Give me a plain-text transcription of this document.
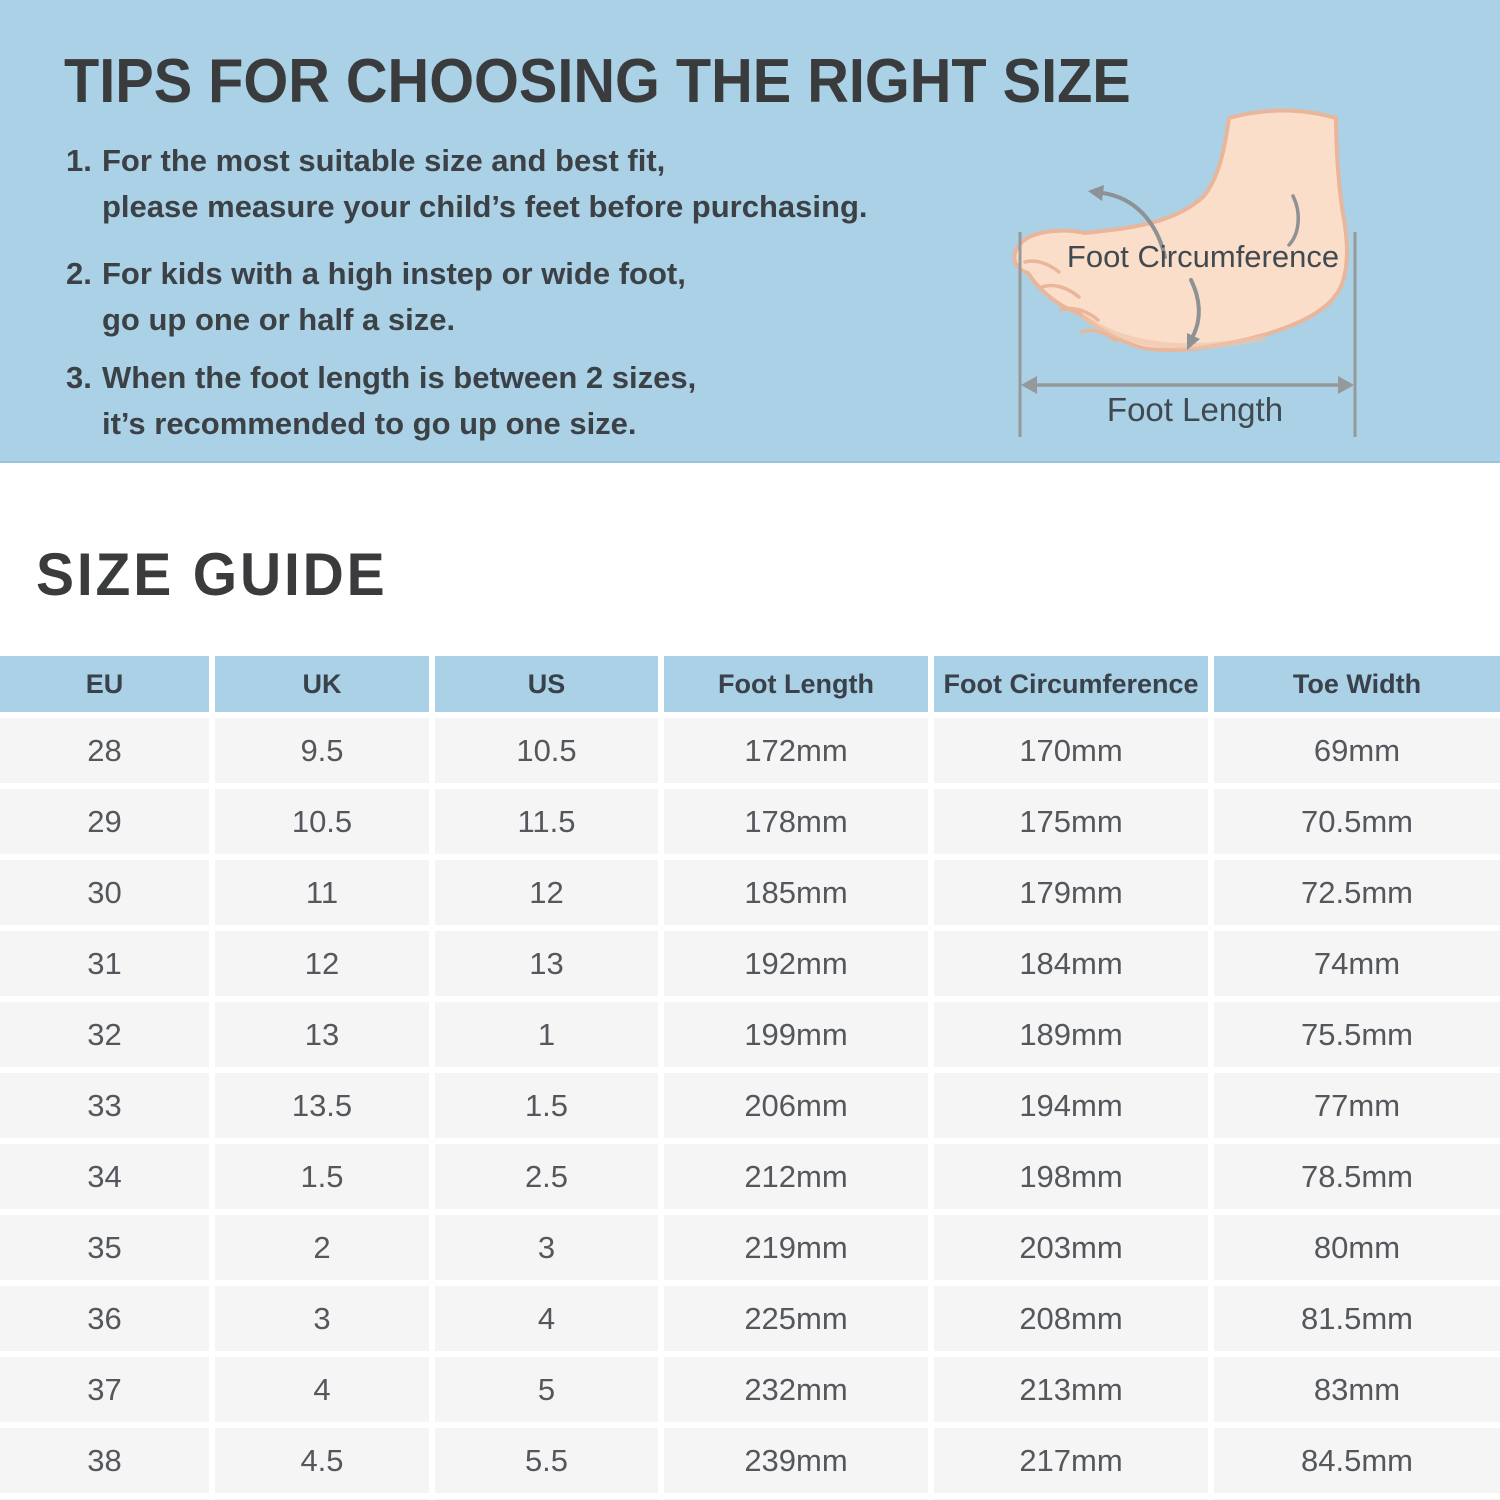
TIPS FOR CHOOSING THE RIGHT SIZE
1. For the most suitable size and best fit,
please measure your child’s feet before purchasing.
2. For kids with a high instep or wide foot,
go up one or half a size.
3. When the foot length is between 2 sizes,
it’s recommended to go up one size.
Foot Circumference
Foot Length
SIZE GUIDE
EU	UK	US	Foot Length	Foot Circumference	Toe Width
28	9.5	10.5	172mm	170mm	69mm
29	10.5	11.5	178mm	175mm	70.5mm
30	11	12	185mm	179mm	72.5mm
31	12	13	192mm	184mm	74mm
32	13	1	199mm	189mm	75.5mm
33	13.5	1.5	206mm	194mm	77mm
34	1.5	2.5	212mm	198mm	78.5mm
35	2	3	219mm	203mm	80mm
36	3	4	225mm	208mm	81.5mm
37	4	5	232mm	213mm	83mm
38	4.5	5.5	239mm	217mm	84.5mm
